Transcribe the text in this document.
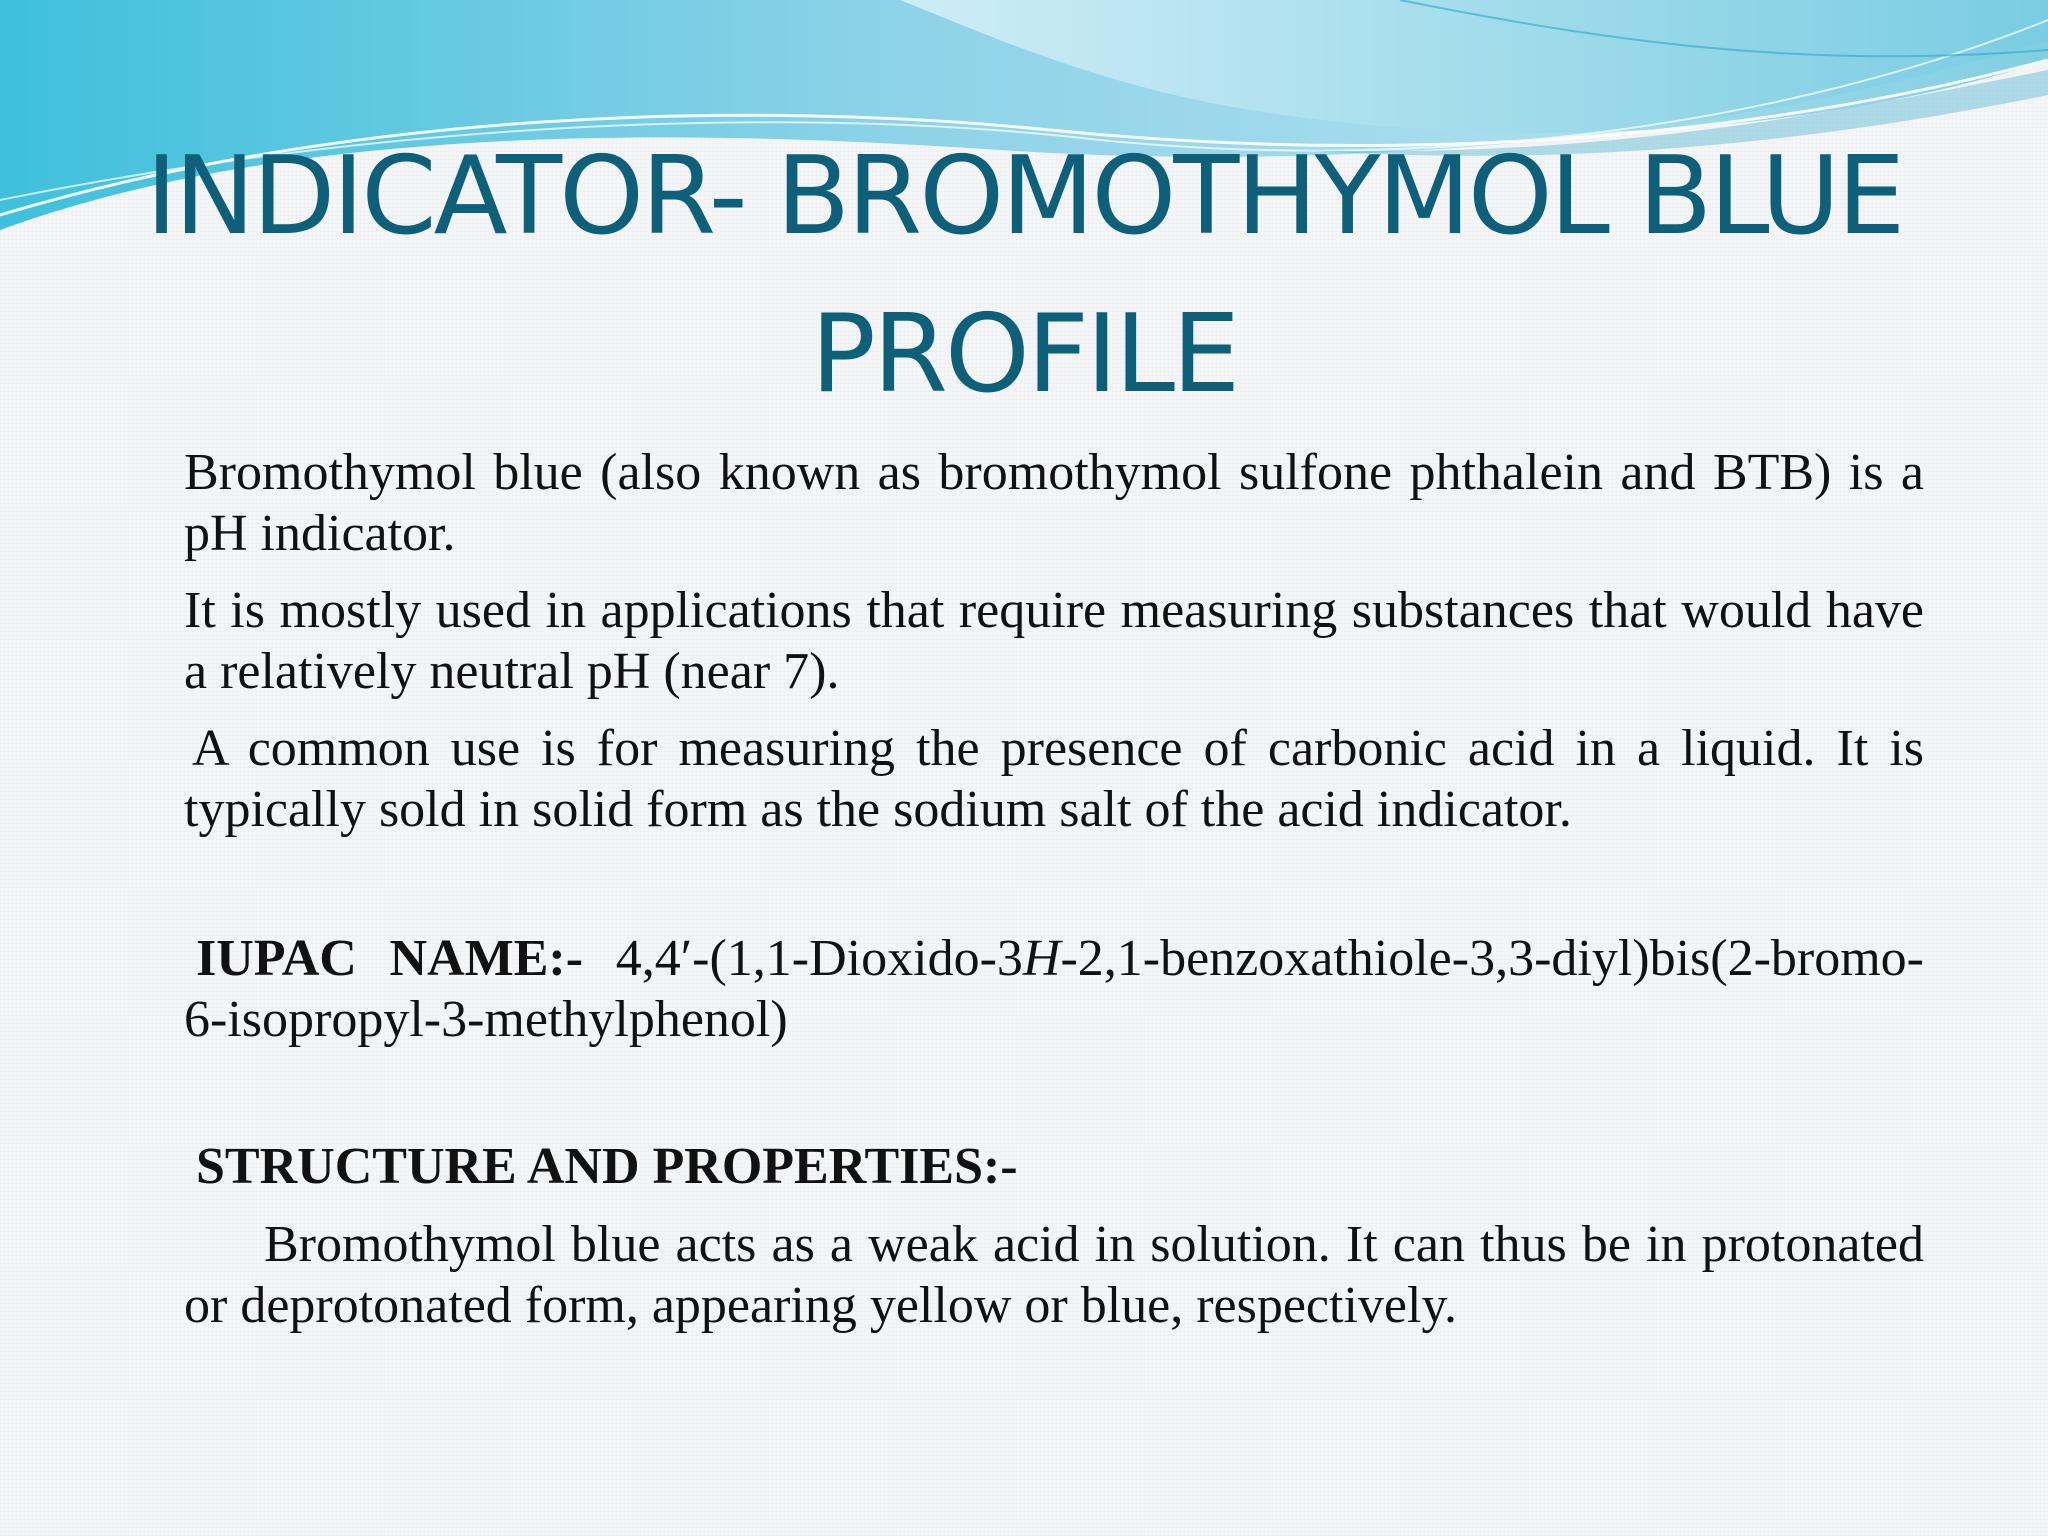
INDICATOR- BROMOTHYMOL BLUE PROFILE

Bromothymol blue (also known as bromothymol sulfone phthalein and BTB) is a pH indicator.

It is mostly used in applications that require measuring substances that would have a relatively neutral pH (near 7).

A common use is for measuring the presence of carbonic acid in a liquid. It is typically sold in solid form as the sodium salt of the acid indicator.

IUPAC NAME:- 4,4′-(1,1-Dioxido-3H-2,1-benzoxathiole-3,3-diyl)bis(2-bromo-6-isopropyl-3-methylphenol)

STRUCTURE AND PROPERTIES:-

Bromothymol blue acts as a weak acid in solution. It can thus be in protonated or deprotonated form, appearing yellow or blue, respectively.
